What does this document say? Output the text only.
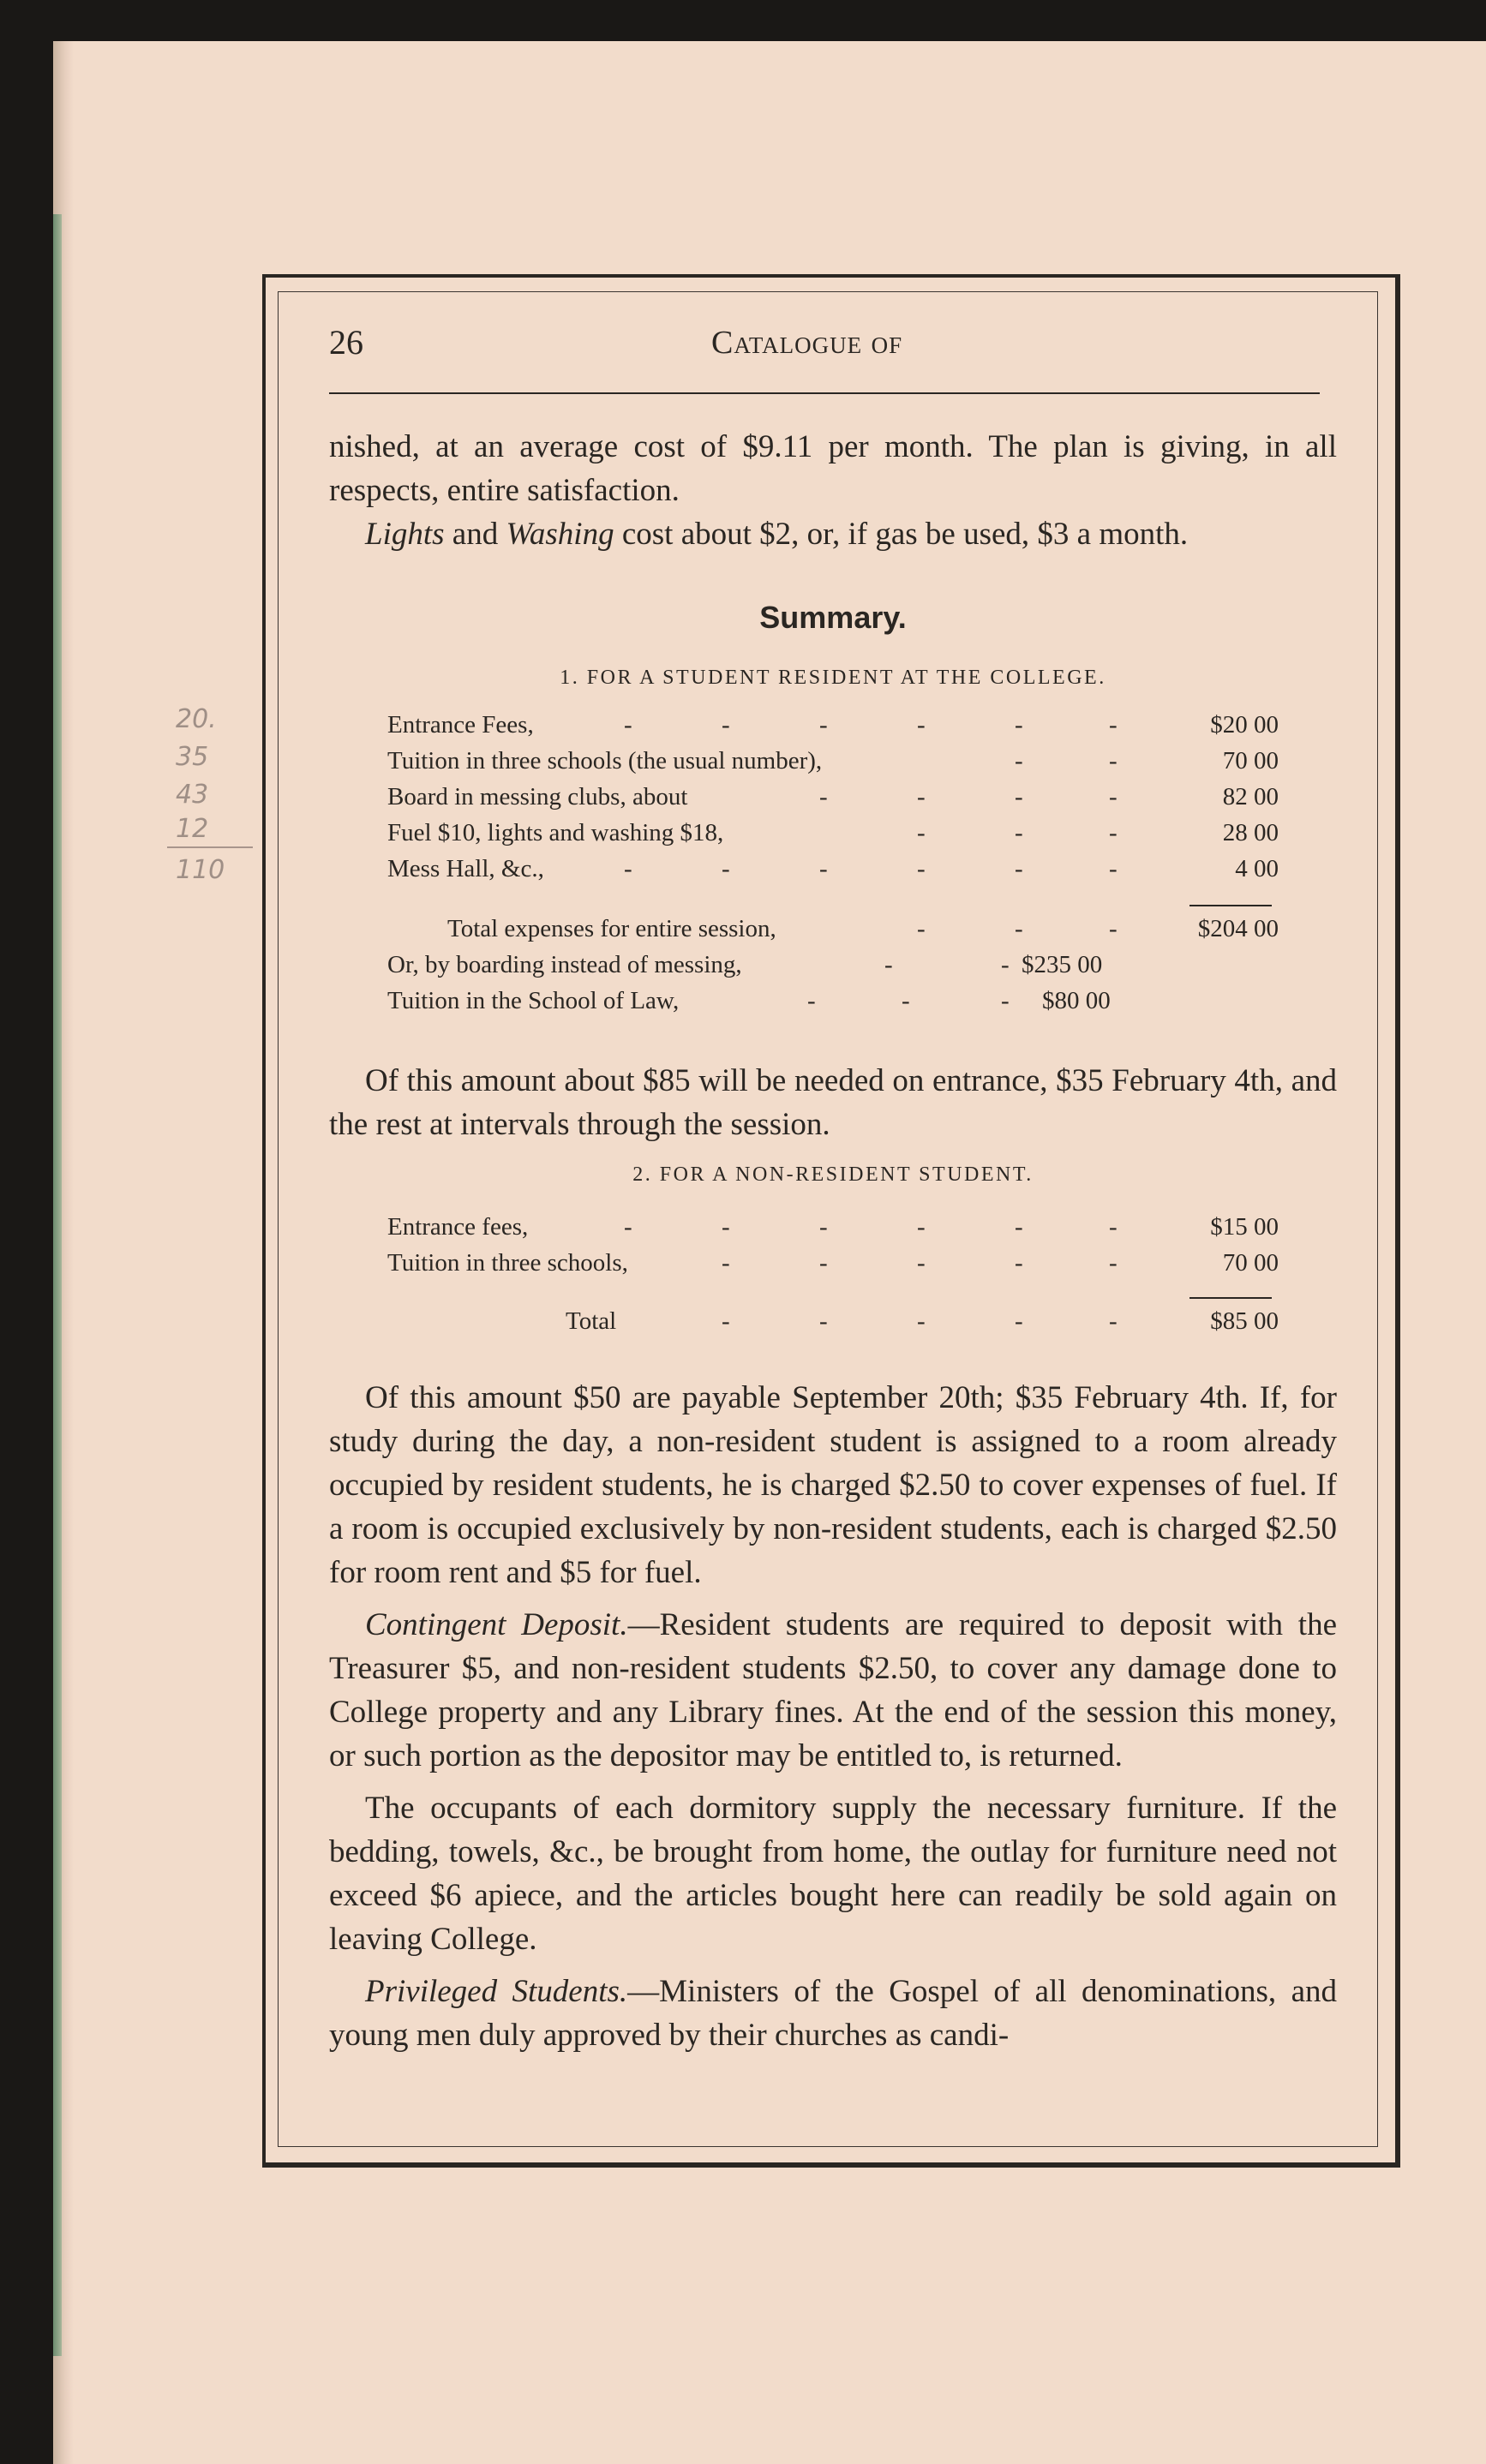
20.
35
43
12
110
26	Catalogue of

nished, at an average cost of $9.11 per month. The plan is giving, in all respects, entire satisfaction.

Lights and Washing cost about $2, or, if gas be used, $3 a month.

Summary.
1. FOR A STUDENT RESIDENT AT THE COLLEGE.
Entrance Fees,	-	-	-	-	-	-	$20 00
Tuition in three schools (the usual number),	-	-	70 00
Board in messing clubs, about	-	-	-	-	82 00
Fuel $10, lights and washing $18,	-	-	-	28 00
Mess Hall, &c.,	-	-	-	-	-	-	4 00
Total expenses for entire session,	-	-	-	$204 00
Or, by boarding instead of messing,	-	- $235 00
Tuition in the School of Law,	-	-	- $80 00

Of this amount about $85 will be needed on entrance, $35 February 4th, and the rest at intervals through the session.

2. FOR A NON-RESIDENT STUDENT.
Entrance fees,	-	-	-	-	-	-	$15 00
Tuition in three schools,	-	-	-	-	-	70 00
Total	-	-	-	-	-	$85 00

Of this amount $50 are payable September 20th; $35 February 4th. If, for study during the day, a non-resident student is assigned to a room already occupied by resident students, he is charged $2.50 to cover expenses of fuel. If a room is occupied exclusively by non-resident students, each is charged $2.50 for room rent and $5 for fuel.

Contingent Deposit.—Resident students are required to deposit with the Treasurer $5, and non-resident students $2.50, to cover any damage done to College property and any Library fines. At the end of the session this money, or such portion as the depositor may be entitled to, is returned.

The occupants of each dormitory supply the necessary furniture. If the bedding, towels, &c., be brought from home, the outlay for furniture need not exceed $6 apiece, and the articles bought here can readily be sold again on leaving College.

Privileged Students.—Ministers of the Gospel of all denominations, and young men duly approved by their churches as candi-
